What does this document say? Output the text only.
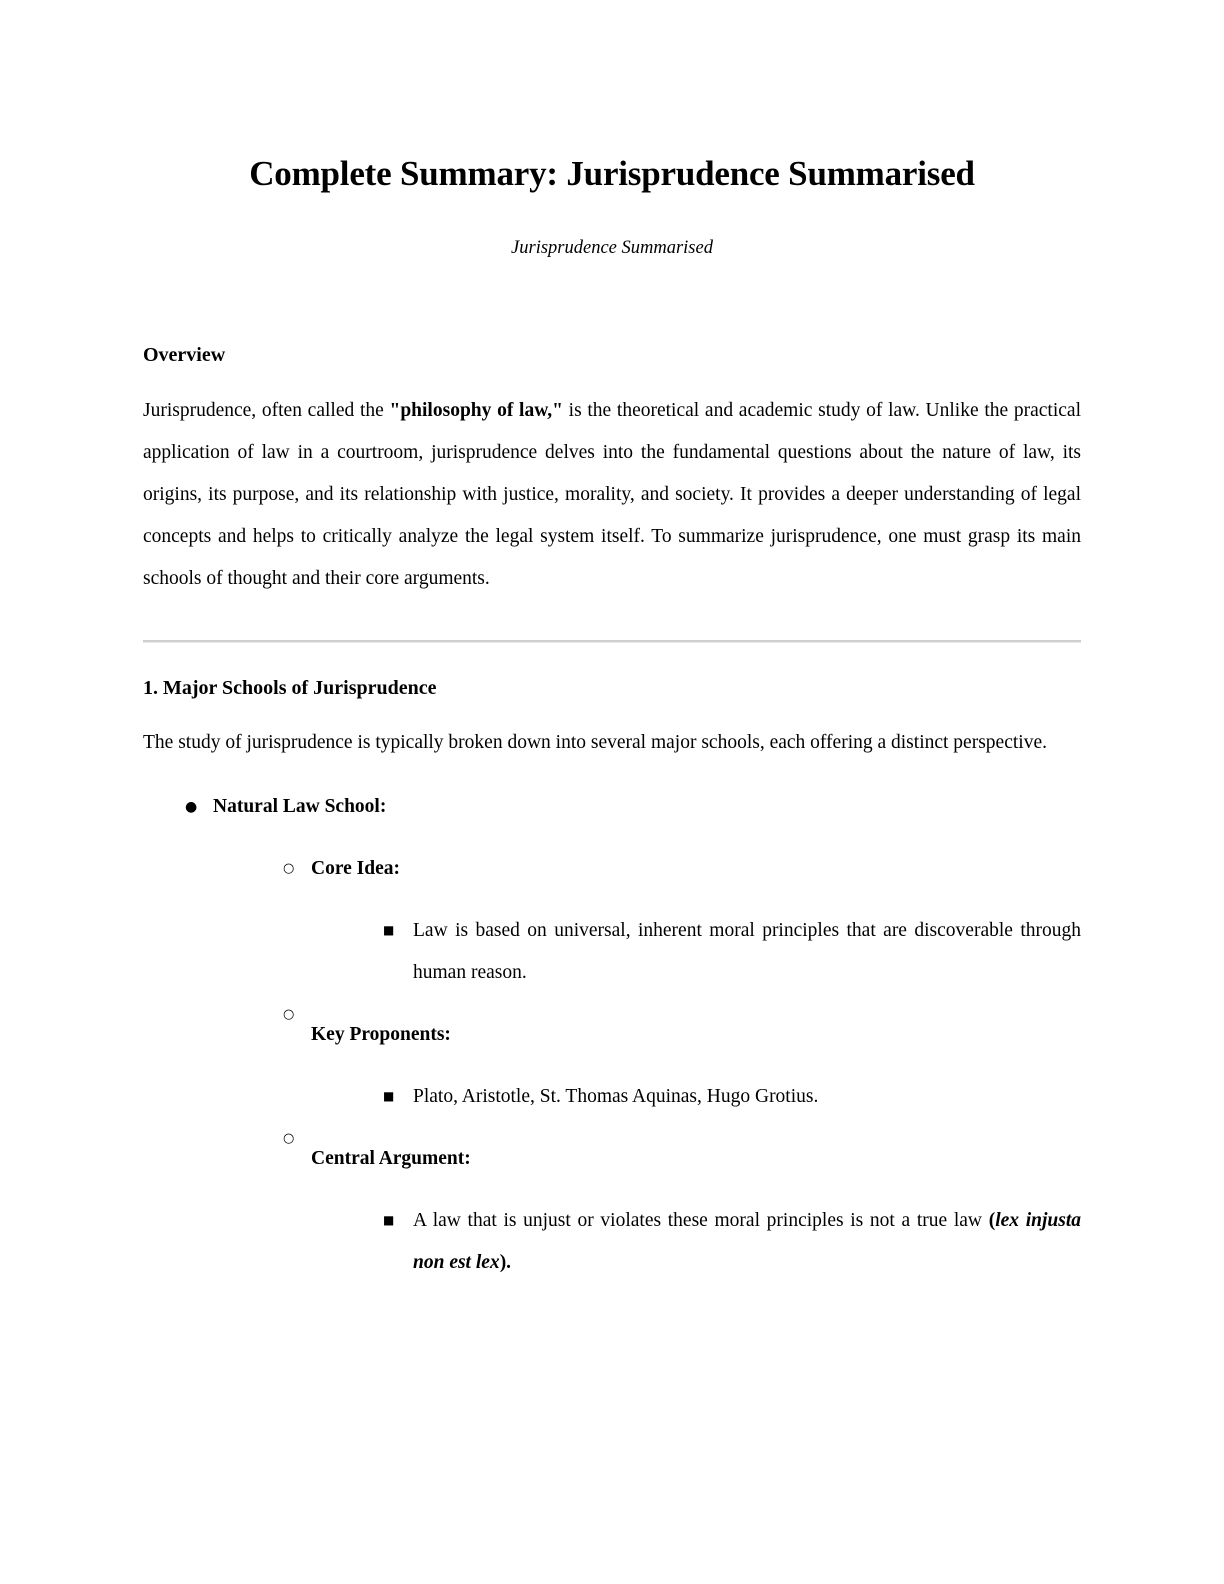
Complete Summary: Jurisprudence Summarised

Jurisprudence Summarised

Overview

Jurisprudence, often called the "philosophy of law," is the theoretical and academic study of law. Unlike the practical application of law in a courtroom, jurisprudence delves into the fundamental questions about the nature of law, its origins, its purpose, and its relationship with justice, morality, and society. It provides a deeper understanding of legal concepts and helps to critically analyze the legal system itself. To summarize jurisprudence, one must grasp its main schools of thought and their core arguments.

1. Major Schools of Jurisprudence

The study of jurisprudence is typically broken down into several major schools, each offering a distinct perspective.

● Natural Law School:
○ Core Idea:
■ Law is based on universal, inherent moral principles that are discoverable through human reason.
○
Key Proponents:
■ Plato, Aristotle, St. Thomas Aquinas, Hugo Grotius.
○
Central Argument:
■ A law that is unjust or violates these moral principles is not a true law (lex injusta non est lex).
